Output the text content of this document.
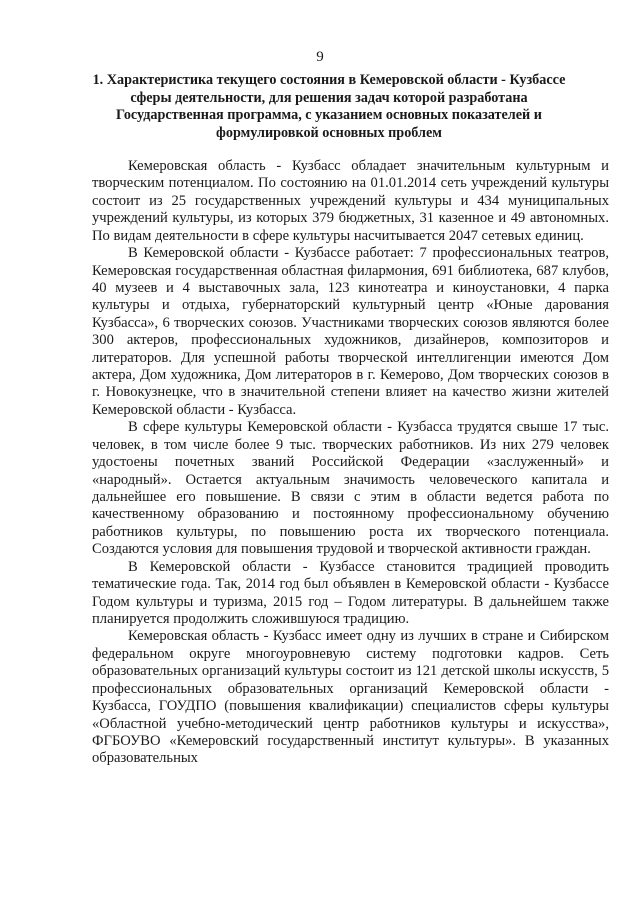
9
1. Характеристика текущего состояния в Кемеровской области - Кузбассе сферы деятельности, для решения задач которой разработана Государственная программа, с указанием основных показателей и формулировкой основных проблем

Кемеровская область - Кузбасс обладает значительным культурным и творческим потенциалом. По состоянию на 01.01.2014 сеть учреждений культуры состоит из 25 государственных учреждений культуры и 434 муниципальных учреждений культуры, из которых 379 бюджетных, 31 казенное и 49 автономных. По видам деятельности в сфере культуры насчитывается 2047 сетевых единиц.

В Кемеровской области - Кузбассе работает: 7 профессиональных театров, Кемеровская государственная областная филармония, 691 библиотека, 687 клубов, 40 музеев и 4 выставочных зала, 123 кинотеатра и киноустановки, 4 парка культуры и отдыха, губернаторский культурный центр «Юные дарования Кузбасса», 6 творческих союзов. Участниками творческих союзов являются более 300 актеров, профессиональных художников, дизайнеров, композиторов и литераторов. Для успешной работы творческой интеллигенции имеются Дом актера, Дом художника, Дом литераторов в г. Кемерово, Дом творческих союзов в г. Новокузнецке, что в значительной степени влияет на качество жизни жителей Кемеровской области - Кузбасса.

В сфере культуры Кемеровской области - Кузбасса трудятся свыше 17 тыс. человек, в том числе более 9 тыс. творческих работников. Из них 279 человек удостоены почетных званий Российской Федерации «заслуженный» и «народный». Остается актуальным значимость человеческого капитала и дальнейшее его повышение. В связи с этим в области ведется работа по качественному образованию и постоянному профессиональному обучению работников культуры, по повышению роста их творческого потенциала. Создаются условия для повышения трудовой и творческой активности граждан.

В Кемеровской области - Кузбассе становится традицией проводить тематические года. Так, 2014 год был объявлен в Кемеровской области - Кузбассе Годом культуры и туризма, 2015 год – Годом литературы. В дальнейшем также планируется продолжить сложившуюся традицию.

Кемеровская область - Кузбасс имеет одну из лучших в стране и Сибирском федеральном округе многоуровневую систему подготовки кадров. Сеть образовательных организаций культуры состоит из 121 детской школы искусств, 5 профессиональных образовательных организаций Кемеровской области - Кузбасса, ГОУДПО (повышения квалификации) специалистов сферы культуры «Областной учебно-методический центр работников культуры и искусства», ФГБОУВО «Кемеровский государственный институт культуры». В указанных образовательных
